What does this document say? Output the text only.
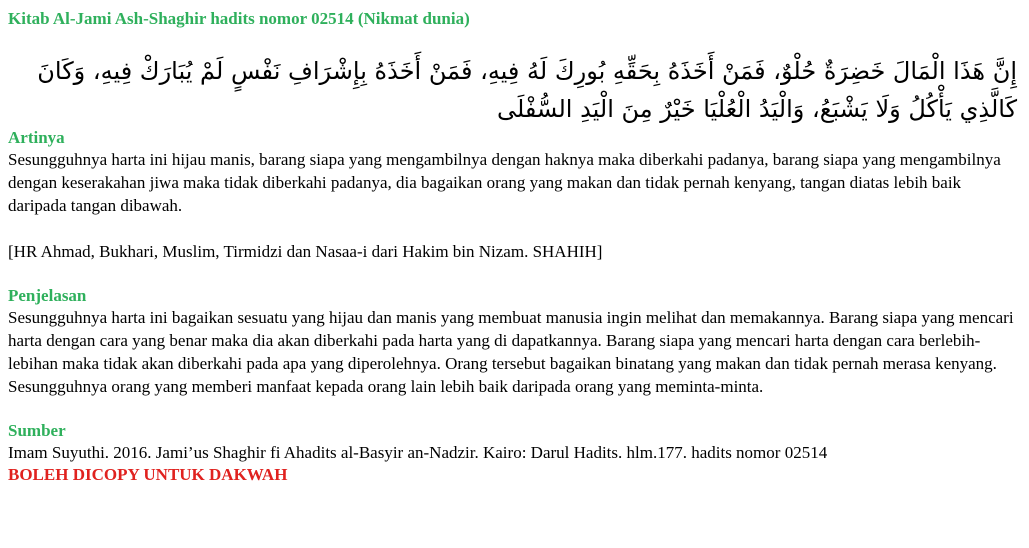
Kitab Al-Jami Ash-Shaghir hadits nomor 02514 (Nikmat dunia)

إِنَّ هَذَا الْمَالَ خَضِرَةٌ حُلْوٌ، فَمَنْ أَخَذَهُ بِحَقِّهِ بُورِكَ لَهُ فِيهِ، فَمَنْ أَخَذَهُ بِإِشْرَافِ نَفْسٍ لَمْ يُبَارَكْ فِيهِ، وَكَانَ كَالَّذِي يَأْكُلُ وَلَا يَشْبَعُ، وَالْيَدُ الْعُلْيَا خَيْرٌ مِنَ الْيَدِ السُّفْلَى

Artinya

Sesungguhnya harta ini hijau manis, barang siapa yang mengambilnya dengan haknya maka diberkahi padanya, barang siapa yang mengambilnya dengan keserakahan jiwa maka tidak diberkahi padanya, dia bagaikan orang yang makan dan tidak pernah kenyang, tangan diatas lebih baik daripada tangan dibawah.

[HR Ahmad, Bukhari, Muslim, Tirmidzi dan Nasaa-i dari Hakim bin Nizam. SHAHIH]

Penjelasan

Sesungguhnya harta ini bagaikan sesuatu yang hijau dan manis yang membuat manusia ingin melihat dan memakannya. Barang siapa yang mencari harta dengan cara yang benar maka dia akan diberkahi pada harta yang di dapatkannya. Barang siapa yang mencari harta dengan cara berlebih-lebihan maka tidak akan diberkahi pada apa yang diperolehnya. Orang tersebut bagaikan binatang yang makan dan tidak pernah merasa kenyang. Sesungguhnya orang yang memberi manfaat kepada orang lain lebih baik daripada orang yang meminta-minta.

Sumber

Imam Suyuthi. 2016. Jami’us Shaghir fi Ahadits al-Basyir an-Nadzir. Kairo: Darul Hadits. hlm.177. hadits nomor 02514

BOLEH DICOPY UNTUK DAKWAH
